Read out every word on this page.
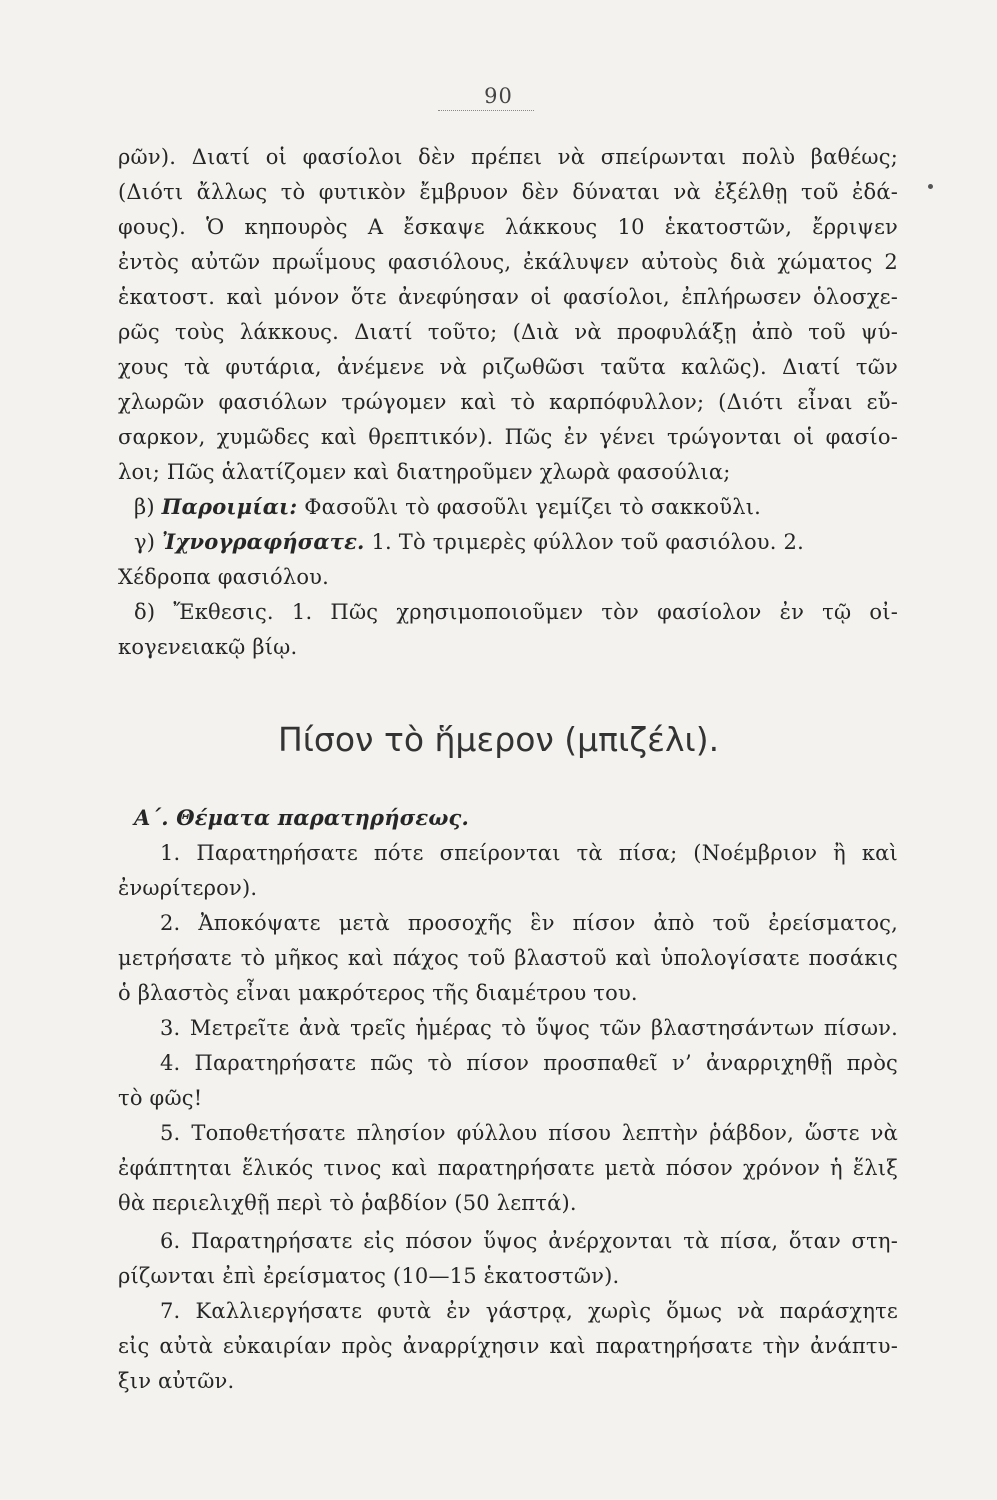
90
ρῶν). Διατί οἱ φασίολοι δὲν πρέπει νὰ σπείρωνται πολὺ βαθέως;
(Διότι ἄλλως τὸ φυτικὸν ἔμβρυον δὲν δύναται νὰ ἐξέλθῃ τοῦ ἐδά-
φους). Ὁ κηπουρὸς Α ἔσκαψε λάκκους 10 ἑκατοστῶν, ἔρριψεν
ἐντὸς αὐτῶν πρωΐμους φασιόλους, ἐκάλυψεν αὐτοὺς διὰ χώματος 2
ἑκατοστ. καὶ μόνον ὅτε ἀνεφύησαν οἱ φασίολοι, ἐπλήρωσεν ὁλοσχε-
ρῶς τοὺς λάκκους. Διατί τοῦτο; (Διὰ νὰ προφυλάξῃ ἀπὸ τοῦ ψύ-
χους τὰ φυτάρια, ἀνέμενε νὰ ριζωθῶσι ταῦτα καλῶς). Διατί τῶν
χλωρῶν φασιόλων τρώγομεν καὶ τὸ καρπόφυλλον; (Διότι εἶναι εὔ-
σαρκον, χυμῶδες καὶ θρεπτικόν). Πῶς ἐν γένει τρώγονται οἱ φασίο-
λοι; Πῶς ἁλατίζομεν καὶ διατηροῦμεν χλωρὰ φασούλια;
β) Παροιμίαι: Φασοῦλι τὸ φασοῦλι γεμίζει τὸ σακκοῦλι.
γ) Ἰχνογραφήσατε. 1. Τὸ τριμερὲς φύλλον τοῦ φασιόλου. 2.
Χέδροπα φασιόλου.
δ) Ἔκθεσις. 1. Πῶς χρησιμοποιοῦμεν τὸν φασίολον ἐν τῷ οἰ-
κογενειακῷ βίῳ.
Πίσον τὸ ἥμερον (μπιζέλι).
Α΄. Θέματα παρατηρήσεως.
1. Παρατηρήσατε πότε σπείρονται τὰ πίσα; (Νοέμβριον ἢ καὶ
ἐνωρίτερον).
2. Ἀποκόψατε μετὰ προσοχῆς ἓν πίσον ἀπὸ τοῦ ἐρείσματος,
μετρήσατε τὸ μῆκος καὶ πάχος τοῦ βλαστοῦ καὶ ὑπολογίσατε ποσάκις
ὁ βλαστὸς εἶναι μακρότερος τῆς διαμέτρου του.
3. Μετρεῖτε ἀνὰ τρεῖς ἡμέρας τὸ ὕψος τῶν βλαστησάντων πίσων.
4. Παρατηρήσατε πῶς τὸ πίσον προσπαθεῖ ν’ ἀναρριχηθῇ πρὸς
τὸ φῶς!
5. Τοποθετήσατε πλησίον φύλλου πίσου λεπτὴν ῥάβδον, ὥστε νὰ
ἐφάπτηται ἕλικός τινος καὶ παρατηρήσατε μετὰ πόσον χρόνον ἡ ἕλιξ
θὰ περιελιχθῇ περὶ τὸ ῥαβδίον (50 λεπτά).
6. Παρατηρήσατε εἰς πόσον ὕψος ἀνέρχονται τὰ πίσα, ὅταν στη-
ρίζωνται ἐπὶ ἐρείσματος (10—15 ἑκατοστῶν).
7. Καλλιεργήσατε φυτὰ ἐν γάστρᾳ, χωρὶς ὅμως νὰ παράσχητε
εἰς αὐτὰ εὐκαιρίαν πρὸς ἀναρρίχησιν καὶ παρατηρήσατε τὴν ἀνάπτυ-
ξιν αὐτῶν.
